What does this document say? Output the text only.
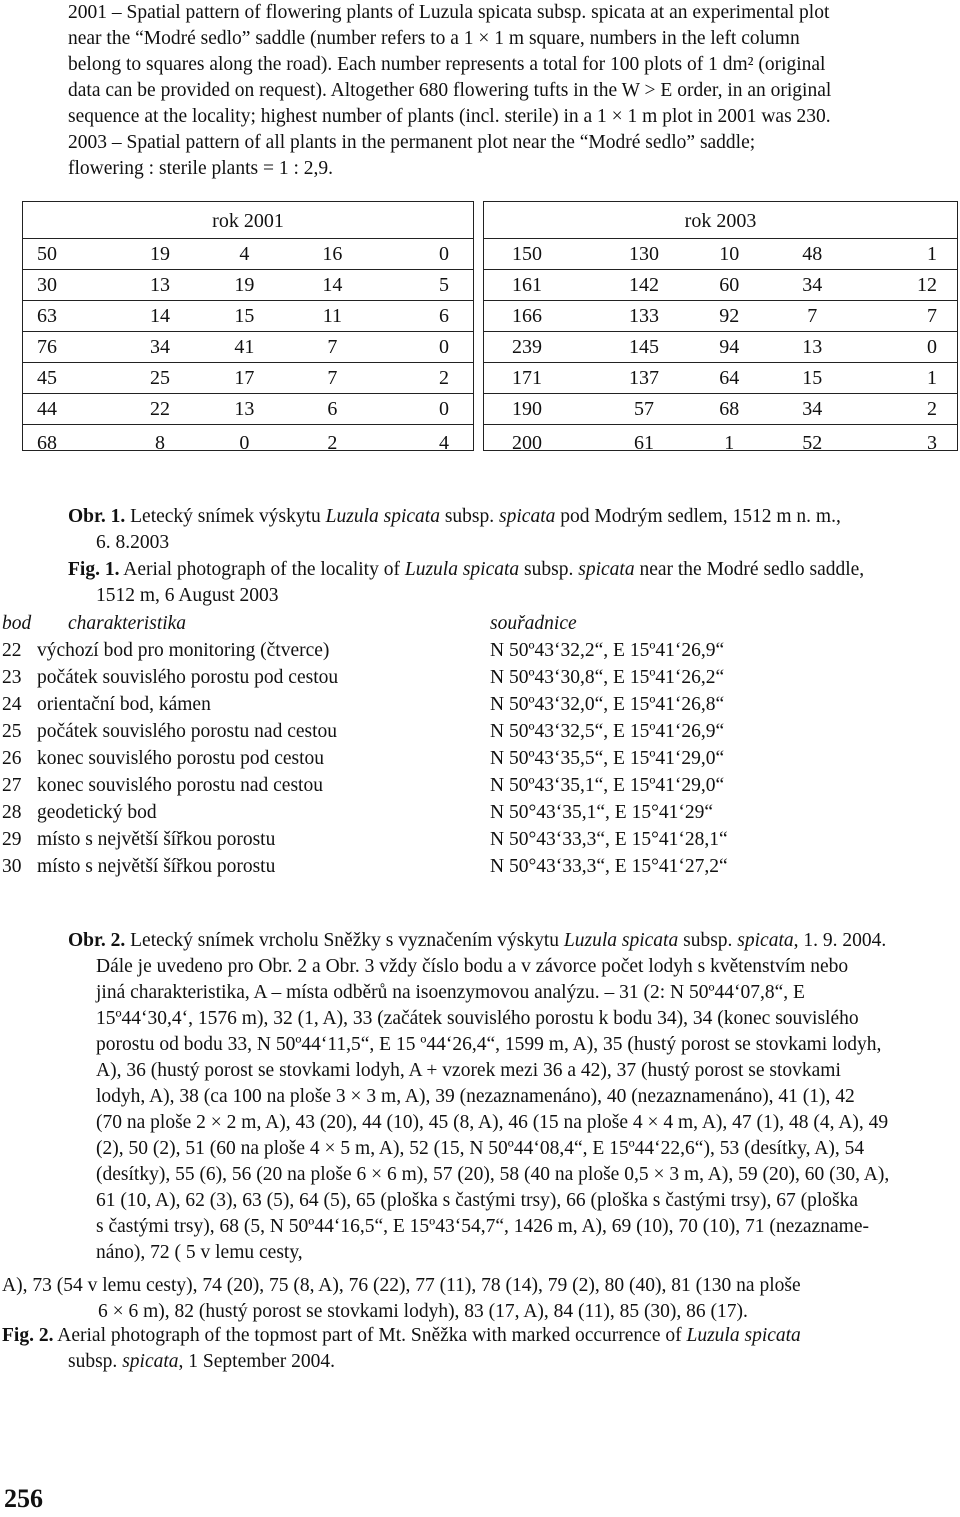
2001 – Spatial pattern of flowering plants of Luzula spicata subsp. spicata at an experimental plot
near the “Modré sedlo” saddle (number refers to a 1 × 1 m square, numbers in the left column
belong to squares along the road). Each number represents a total for 100 plots of 1 dm² (original
data can be provided on request). Altogether 680 flowering tufts in the W > E order, in an original
sequence at the locality; highest number of plants (incl. sterile) in a 1 × 1 m plot in 2001 was 230.
2003 – Spatial pattern of all plants in the permanent plot near the “Modré sedlo” saddle;
flowering : sterile plants = 1 : 2,9.
rok 2001
50	19	4	16	0
30	13	19	14	5
63	14	15	11	6
76	34	41	7	0
45	25	17	7	2
44	22	13	6	0
68	8	0	2	4
rok 2003
150	130	10	48	1
161	142	60	34	12
166	133	92	7	7
239	145	94	13	0
171	137	64	15	1
190	57	68	34	2
200	61	1	52	3
Obr. 1. Letecký snímek výskytu Luzula spicata subsp. spicata pod Modrým sedlem, 1512 m n. m.,
6. 8.2003
Fig. 1. Aerial photograph of the locality of Luzula spicata subsp. spicata near the Modré sedlo saddle,
1512 m, 6 August 2003
bod charakteristika	souřadnice
22 výchozí bod pro monitoring (čtverce)	N 50º43‘32,2“, E 15º41‘26,9“
23 počátek souvislého porostu pod cestou	N 50º43‘30,8“, E 15º41‘26,2“
24 orientační bod, kámen	N 50º43‘32,0“, E 15º41‘26,8“
25 počátek souvislého porostu nad cestou	N 50º43‘32,5“, E 15º41‘26,9“
26 konec souvislého porostu pod cestou	N 50º43‘35,5“, E 15º41‘29,0“
27 konec souvislého porostu nad cestou	N 50º43‘35,1“, E 15º41‘29,0“
28 geodetický bod	N 50°43‘35,1“, E 15°41‘29“
29 místo s největší šířkou porostu	N 50°43‘33,3“, E 15°41‘28,1“
30 místo s největší šířkou porostu	N 50°43‘33,3“, E 15°41‘27,2“
Obr. 2. Letecký snímek vrcholu Sněžky s vyznačením výskytu Luzula spicata subsp. spicata, 1. 9. 2004.
Dále je uvedeno pro Obr. 2 a Obr. 3 vždy číslo bodu a v závorce počet lodyh s květenstvím nebo
jiná charakteristika, A – místa odběrů na isoenzymovou analýzu. – 31 (2: N 50º44‘07,8“, E
15º44‘30,4‘, 1576 m), 32 (1, A), 33 (začátek souvislého porostu k bodu 34), 34 (konec souvislého
porostu od bodu 33, N 50º44‘11,5“, E 15 º44‘26,4“, 1599 m, A), 35 (hustý porost se stovkami lodyh,
A), 36 (hustý porost se stovkami lodyh, A + vzorek mezi 36 a 42), 37 (hustý porost se stovkami
lodyh, A), 38 (ca 100 na ploše 3 × 3 m, A), 39 (nezaznamenáno), 40 (nezaznamenáno), 41 (1), 42
(70 na ploše 2 × 2 m, A), 43 (20), 44 (10), 45 (8, A), 46 (15 na ploše 4 × 4 m, A), 47 (1), 48 (4, A), 49
(2), 50 (2), 51 (60 na ploše 4 × 5 m, A), 52 (15, N 50º44‘08,4“, E 15º44‘22,6“), 53 (desítky, A), 54
(desítky), 55 (6), 56 (20 na ploše 6 × 6 m), 57 (20), 58 (40 na ploše 0,5 × 3 m, A), 59 (20), 60 (30, A),
61 (10, A), 62 (3), 63 (5), 64 (5), 65 (ploška s častými trsy), 66 (ploška s častými trsy), 67 (ploška
s častými trsy), 68 (5, N 50º44‘16,5“, E 15º43‘54,7“, 1426 m, A), 69 (10), 70 (10), 71 (nezaznamе-
náno), 72 ( 5 v lemu cesty,
A), 73 (54 v lemu cesty), 74 (20), 75 (8, A), 76 (22), 77 (11), 78 (14), 79 (2), 80 (40), 81 (130 na ploše
6 × 6 m), 82 (hustý porost se stovkami lodyh), 83 (17, A), 84 (11), 85 (30), 86 (17).
Fig. 2. Aerial photograph of the topmost part of Mt. Sněžka with marked occurrence of Luzula spicata
subsp. spicata, 1 September 2004.
256
